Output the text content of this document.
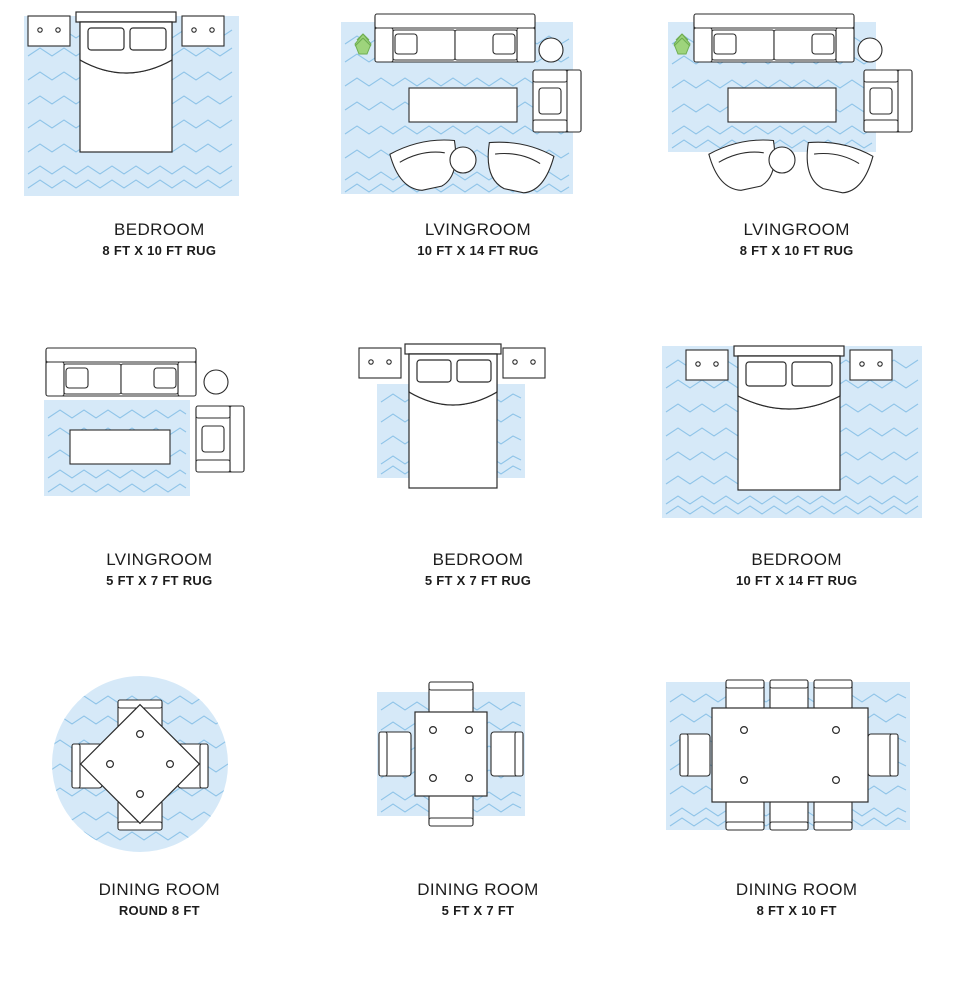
BEDROOM
8 FT X 10 FT RUG
LVINGROOM
10 FT X 14 FT RUG
LVINGROOM
8 FT X 10 FT RUG
LVINGROOM
5 FT X 7 FT RUG
BEDROOM
5 FT X 7 FT RUG
BEDROOM
10 FT X 14 FT RUG
DINING ROOM
ROUND 8 FT
DINING ROOM
5 FT X 7 FT
DINING ROOM
8 FT X 10 FT
